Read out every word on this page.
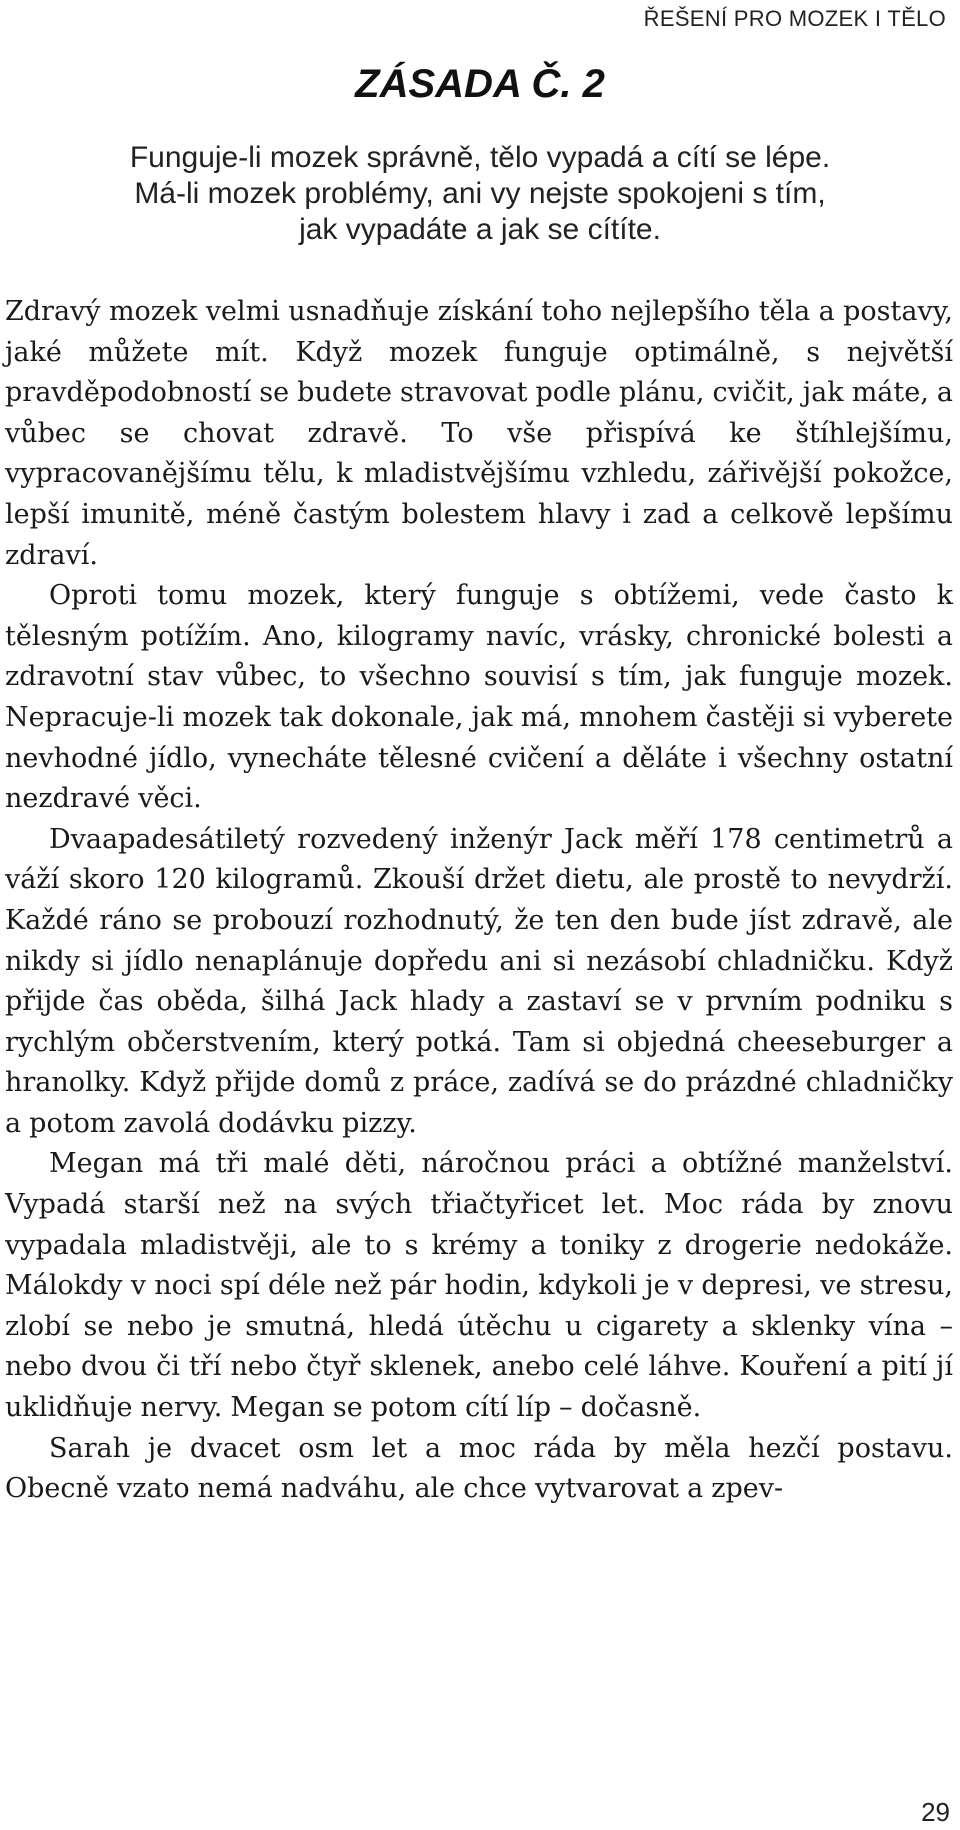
ŘEŠENÍ PRO MOZEK I TĚLO
ZÁSADA Č. 2
Funguje-li mozek správně, tělo vypadá a cítí se lépe.
Má-li mozek problémy, ani vy nejste spokojeni s tím,
jak vypadáte a jak se cítíte.

Zdravý mozek velmi usnadňuje získání toho nejlepšího těla a postavy, jaké můžete mít. Když mozek funguje optimálně, s největší pravděpodobností se budete stravovat podle plánu, cvičit, jak máte, a vůbec se chovat zdravě. To vše přispívá ke štíhlejšímu, vypracovanějšímu tělu, k mladistvějšímu vzhledu, zářivější pokožce, lepší imunitě, méně častým bolestem hlavy i zad a celkově lepšímu zdraví.

Oproti tomu mozek, který funguje s obtížemi, vede často k tělesným potížím. Ano, kilogramy navíc, vrásky, chronické bolesti a zdravotní stav vůbec, to všechno souvisí s tím, jak funguje mozek. Nepracuje-li mozek tak dokonale, jak má, mnohem častěji si vyberete nevhodné jídlo, vynecháte tělesné cvičení a děláte i všechny ostatní nezdravé věci.

Dvaapadesátiletý rozvedený inženýr Jack měří 178 centimetrů a váží skoro 120 kilogramů. Zkouší držet dietu, ale prostě to nevydrží. Každé ráno se probouzí rozhodnutý, že ten den bude jíst zdravě, ale nikdy si jídlo nenaplánuje dopředu ani si nezásobí chladničku. Když přijde čas oběda, šilhá Jack hlady a zastaví se v prvním podniku s rychlým občerstvením, který potká. Tam si objedná cheeseburger a hranolky. Když přijde domů z práce, zadívá se do prázdné chladničky a potom zavolá dodávku pizzy.

Megan má tři malé děti, náročnou práci a obtížné manželství. Vypadá starší než na svých třiačtyřicet let. Moc ráda by znovu vypadala mladistvěji, ale to s krémy a toniky z drogerie nedokáže. Málokdy v noci spí déle než pár hodin, kdykoli je v depresi, ve stresu, zlobí se nebo je smutná, hledá útěchu u cigarety a sklenky vína – nebo dvou či tří nebo čtyř sklenek, anebo celé láhve. Kouření a pití jí uklidňuje nervy. Megan se potom cítí líp – dočasně.

Sarah je dvacet osm let a moc ráda by měla hezčí postavu. Obecně vzato nemá nadváhu, ale chce vytvarovat a zpev-

29
